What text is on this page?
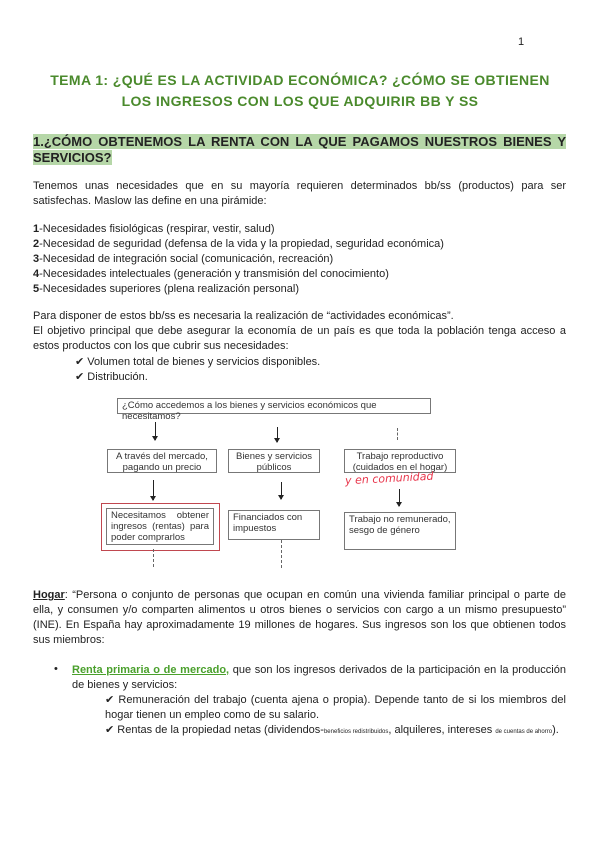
1
TEMA 1: ¿QUÉ ES LA ACTIVIDAD ECONÓMICA? ¿CÓMO SE OBTIENEN
LOS INGRESOS CON LOS QUE ADQUIRIR BB Y SS
1.¿CÓMO OBTENEMOS LA RENTA CON LA QUE PAGAMOS NUESTROS BIENES Y SERVICIOS?
Tenemos unas necesidades que en su mayoría requieren determinados bb/ss (productos) para ser satisfechas. Maslow las define en una pirámide:
1-Necesidades fisiológicas (respirar, vestir, salud)
2-Necesidad de seguridad (defensa de la vida y la propiedad, seguridad económica)
3-Necesidad de integración social (comunicación, recreación)
4-Necesidades intelectuales (generación y transmisión del conocimiento)
5-Necesidades superiores (plena realización personal)
Para disponer de estos bb/ss es necesaria la realización de “actividades económicas”.
El objetivo principal que debe asegurar la economía de un país es que toda la población tenga acceso a estos productos con los que cubrir sus necesidades:
✔ Volumen total de bienes y servicios disponibles.
✔ Distribución.
¿Cómo accedemos a los bienes y servicios económicos que necesitamos?
A través del mercado, pagando un precio
Bienes y servicios públicos
Trabajo reproductivo (cuidados en el hogar)
y en comunidad
Necesitamos obtener ingresos (rentas) para poder comprarlos
Financiados con impuestos
Trabajo no remunerado, sesgo de género
Hogar: “Persona o conjunto de personas que ocupan en común una vivienda familiar principal o parte de ella, y consumen y/o comparten alimentos u otros bienes o servicios con cargo a un mismo presupuesto” (INE). En España hay aproximadamente 19 millones de hogares. Sus ingresos son los que obtienen todos sus miembros:
• Renta primaria o de mercado, que son los ingresos derivados de la participación en la producción de bienes y servicios:
✔ Remuneración del trabajo (cuenta ajena o propia). Depende tanto de si los miembros del hogar tienen un empleo como de su salario.
✔ Rentas de la propiedad netas (dividendos-beneficios redistribuidos, alquileres, intereses de cuentas de ahorro).
